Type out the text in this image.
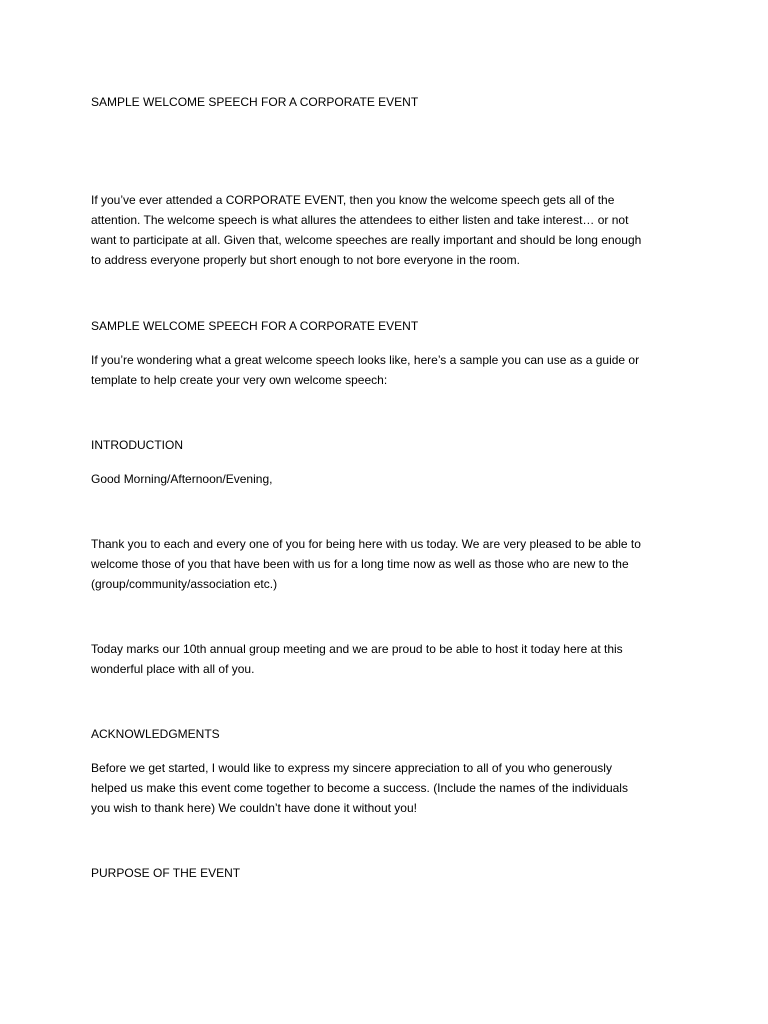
SAMPLE WELCOME SPEECH FOR A CORPORATE EVENT
If you’ve ever attended a CORPORATE EVENT, then you know the welcome speech gets all of the
attention. The welcome speech is what allures the attendees to either listen and take interest… or not
want to participate at all. Given that, welcome speeches are really important and should be long enough
to address everyone properly but short enough to not bore everyone in the room.
SAMPLE WELCOME SPEECH FOR A CORPORATE EVENT
If you’re wondering what a great welcome speech looks like, here’s a sample you can use as a guide or
template to help create your very own welcome speech:
INTRODUCTION
Good Morning/Afternoon/Evening,
Thank you to each and every one of you for being here with us today. We are very pleased to be able to
welcome those of you that have been with us for a long time now as well as those who are new to the
(group/community/association etc.)
Today marks our 10th annual group meeting and we are proud to be able to host it today here at this
wonderful place with all of you.
ACKNOWLEDGMENTS
Before we get started, I would like to express my sincere appreciation to all of you who generously
helped us make this event come together to become a success. (Include the names of the individuals
you wish to thank here) We couldn’t have done it without you!
PURPOSE OF THE EVENT
